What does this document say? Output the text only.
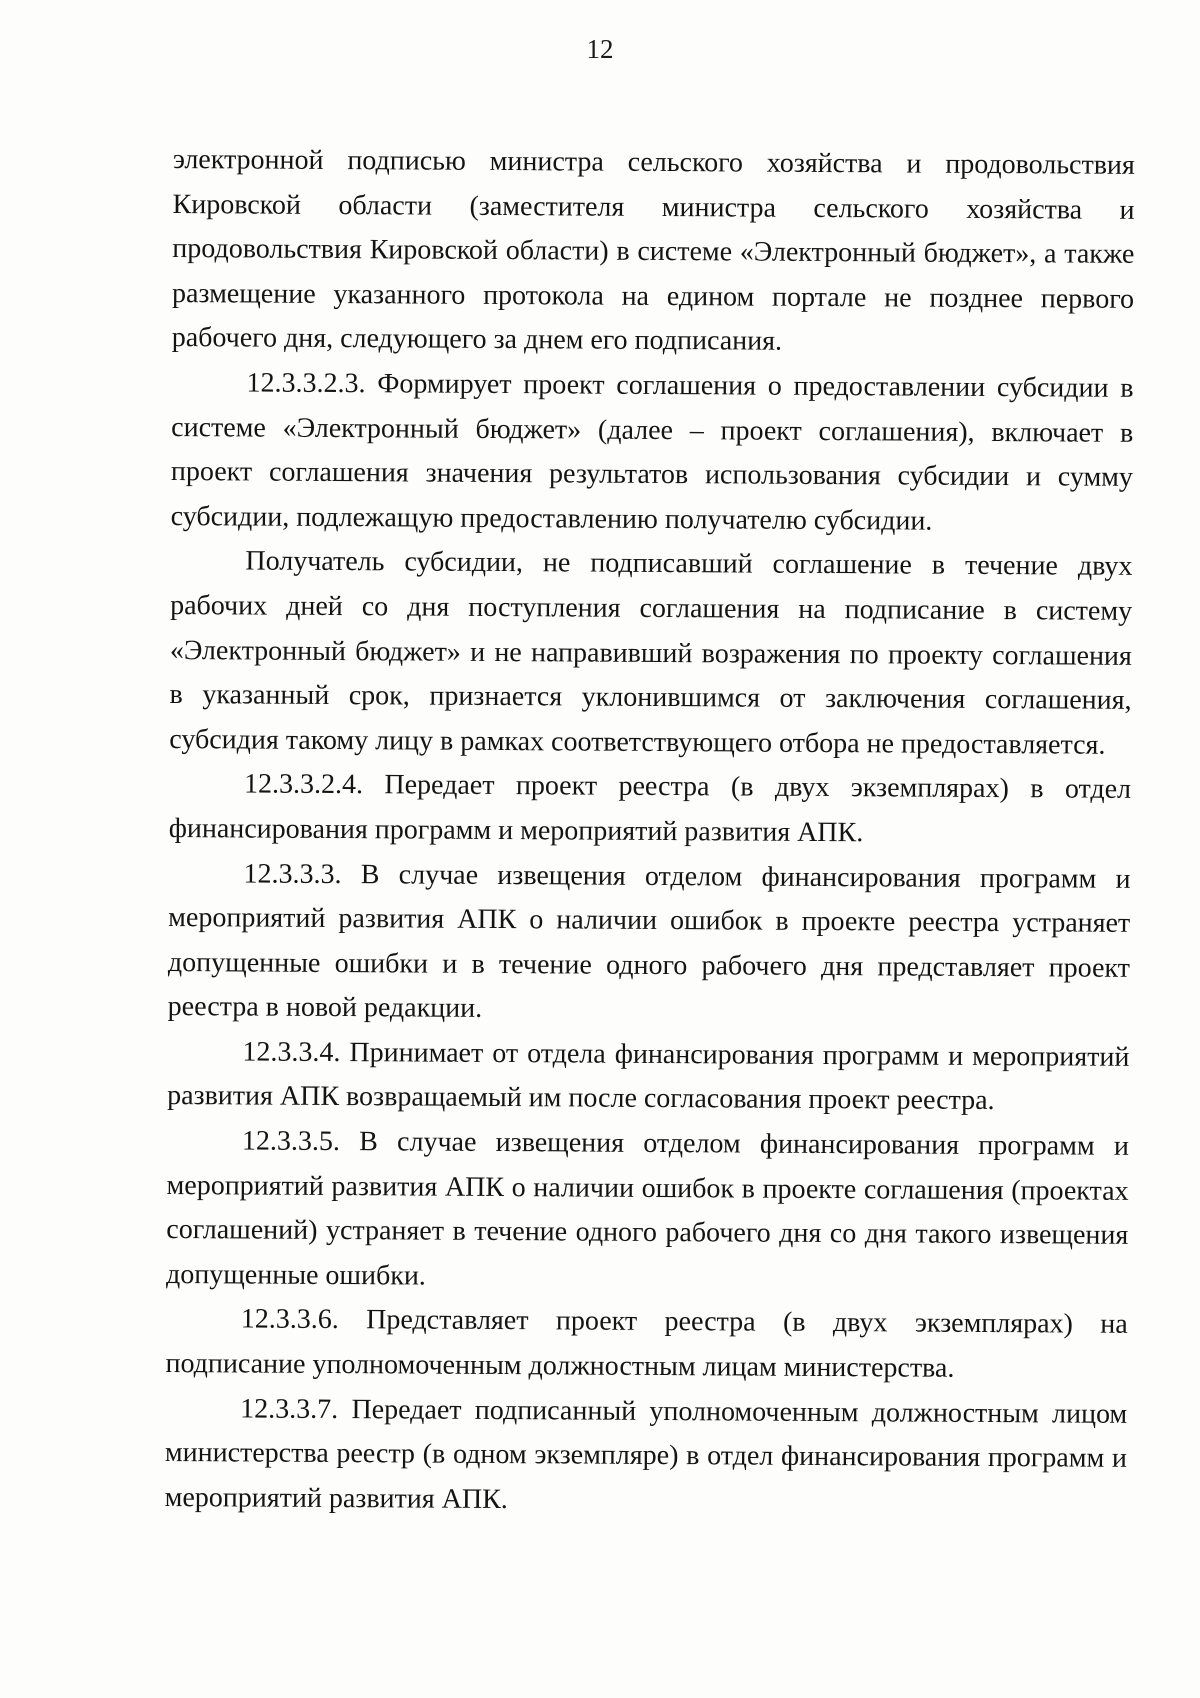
12

электронной подписью министра сельского хозяйства и продовольствия Кировской области (заместителя министра сельского хозяйства и продовольствия Кировской области) в системе «Электронный бюджет», а также размещение указанного протокола на едином портале не позднее первого рабочего дня, следующего за днем его подписания.

12.3.3.2.3. Формирует проект соглашения о предоставлении субсидии в системе «Электронный бюджет» (далее – проект соглашения), включает в проект соглашения значения результатов использования субсидии и сумму субсидии, подлежащую предоставлению получателю субсидии.

Получатель субсидии, не подписавший соглашение в течение двух рабочих дней со дня поступления соглашения на подписание в систему «Электронный бюджет» и не направивший возражения по проекту соглашения в указанный срок, признается уклонившимся от заключения соглашения, субсидия такому лицу в рамках соответствующего отбора не предоставляется.

12.3.3.2.4. Передает проект реестра (в двух экземплярах) в отдел финансирования программ и мероприятий развития АПК.

12.3.3.3. В случае извещения отделом финансирования программ и мероприятий развития АПК о наличии ошибок в проекте реестра устраняет допущенные ошибки и в течение одного рабочего дня представляет проект реестра в новой редакции.

12.3.3.4. Принимает от отдела финансирования программ и мероприятий развития АПК возвращаемый им после согласования проект реестра.

12.3.3.5. В случае извещения отделом финансирования программ и мероприятий развития АПК о наличии ошибок в проекте соглашения (проектах соглашений) устраняет в течение одного рабочего дня со дня такого извещения допущенные ошибки.

12.3.3.6. Представляет проект реестра (в двух экземплярах) на подписание уполномоченным должностным лицам министерства.

12.3.3.7. Передает подписанный уполномоченным должностным лицом министерства реестр (в одном экземпляре) в отдел финансирования программ и мероприятий развития АПК.
